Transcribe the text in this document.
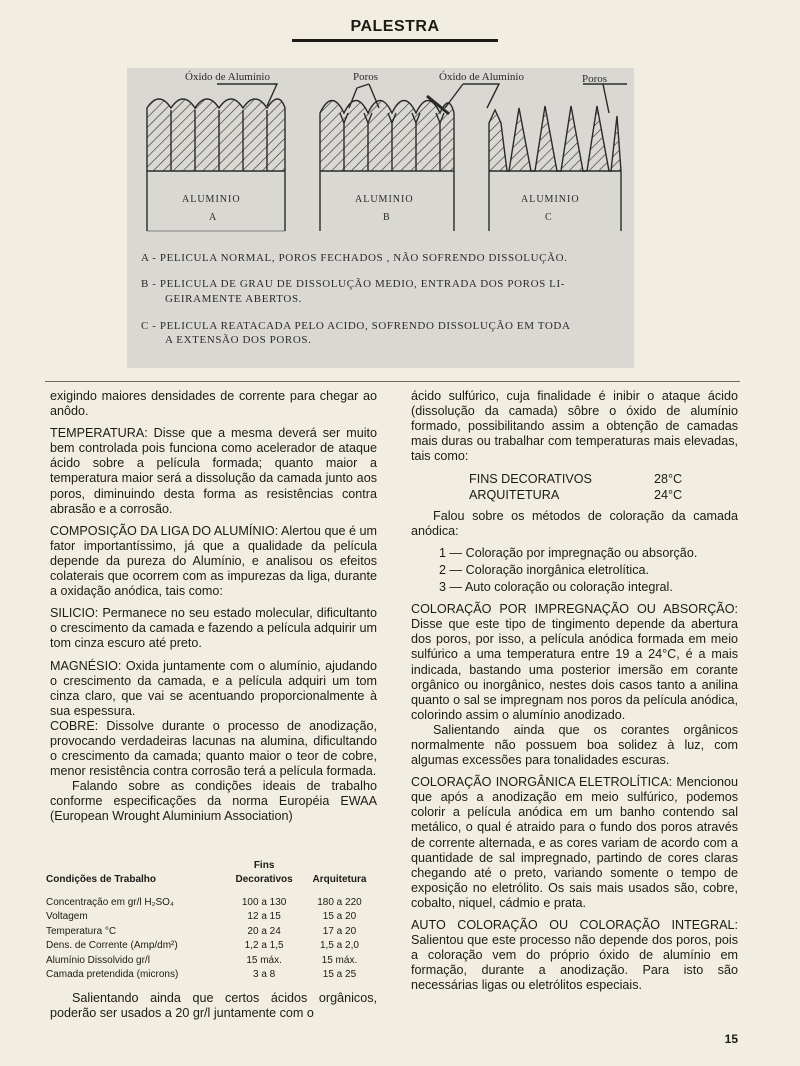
PALESTRA
Óxido de Alumínio	Poros	Óxido de Alumínio	Poros
ALUMINIO
A
ALUMINIO
B
ALUMINIO
C
A - PELICULA NORMAL, POROS FECHADOS , NÃO SOFRENDO DISSOLUÇÃO.
B - PELICULA DE GRAU DE DISSOLUÇÃO MEDIO, ENTRADA DOS POROS LI-
GEIRAMENTE ABERTOS.
C - PELICULA REATACADA PELO ACIDO, SOFRENDO DISSOLUÇÃO EM TODA
A EXTENSÃO DOS POROS.

exigindo maiores densidades de corrente para chegar ao anôdo.

TEMPERATURA: Disse que a mesma deverá ser muito bem controlada pois funciona como acelerador de ataque ácido sobre a película formada; quanto maior a temperatura maior será a dissolução da camada junto aos poros, diminuindo desta forma as resistências contra abrasão e a corrosão.

COMPOSIÇÃO DA LIGA DO ALUMÍNIO: Alertou que é um fator importantíssimo, já que a qualidade da película depende da pureza do Alumínio, e analisou os efeitos colaterais que ocorrem com as impurezas da liga, durante a oxidação anódica, tais como:

SILICIO: Permanece no seu estado molecular, dificultanto o crescimento da camada e fazendo a película adquirir um tom cinza escuro até preto.

MAGNÉSIO: Oxida juntamente com o alumínio, ajudando o crescimento da camada, e a película adquiri um tom cinza claro, que vai se acentuando proporcionalmente à sua espessura.

COBRE: Dissolve durante o processo de anodização, provocando verdadeiras lacunas na alumina, dificultando o crescimento da camada; quanto maior o teor de cobre, menor resistência contra corrosão terá a película formada.

Falando sobre as condições ideais de trabalho conforme especificações da norma Européia EWAA (European Wrought Aluminium Association)

	Fins	
Condições de Trabalho	Decorativos	Arquitetura
Concentração em gr/l H₂SO₄	100 a 130	180 a 220
Voltagem	12 a 15	15 a 20
Temperatura °C	20 a 24	17 a 20
Dens. de Corrente (Amp/dm²)	1,2 a 1,5	1,5 a 2,0
Alumínio Dissolvido gr/l	15 máx.	15 máx.
Camada pretendida (microns)	3 a 8	15 a 25

Salientando ainda que certos ácidos orgânicos, poderão ser usados a 20 gr/l juntamente com o

ácido sulfúrico, cuja finalidade é inibir o ataque ácido (dissolução da camada) sôbre o óxido de alumínio formado, possibilitando assim a obtenção de camadas mais duras ou trabalhar com temperaturas mais elevadas, tais como:

FINS DECORATIVOS	28°C
ARQUITETURA	24°C

Falou sobre os métodos de coloração da camada anódica:

1 — Coloração por impregnação ou absorção.

2 — Coloração inorgânica eletrolítica.

3 — Auto coloração ou coloração integral.

COLORAÇÃO POR IMPREGNAÇÃO OU ABSORÇÃO: Disse que este tipo de tingimento depende da abertura dos poros, por isso, a película anódica formada em meio sulfúrico a uma temperatura entre 19 a 24°C, é a mais indicada, bastando uma posterior imersão em corante orgânico ou inorgânico, nestes dois casos tanto a anilina quanto o sal se impregnam nos poros da película anódica, colorindo assim o alumínio anodizado.

Salientando ainda que os corantes orgânicos normalmente não possuem boa solidez à luz, com algumas excessões para tonalidades escuras.

COLORAÇÃO INORGÂNICA ELETROLÍTICA: Mencionou que após a anodização em meio sulfúrico, podemos colorir a película anódica em um banho contendo sal metálico, o qual é atraido para o fundo dos poros através de corrente alternada, e as cores variam de acordo com a quantidade de sal impregnado, partindo de cores claras chegando até o preto, variando somente o tempo de exposição no eletrólito. Os sais mais usados são, cobre, cobalto, niquel, cádmio e prata.

AUTO COLORAÇÃO OU COLORAÇÃO INTEGRAL: Salientou que este processo não depende dos poros, pois a coloração vem do próprio óxido de alumínio em formação, durante a anodização. Para isto são necessárias ligas ou eletrólitos especiais.

15
